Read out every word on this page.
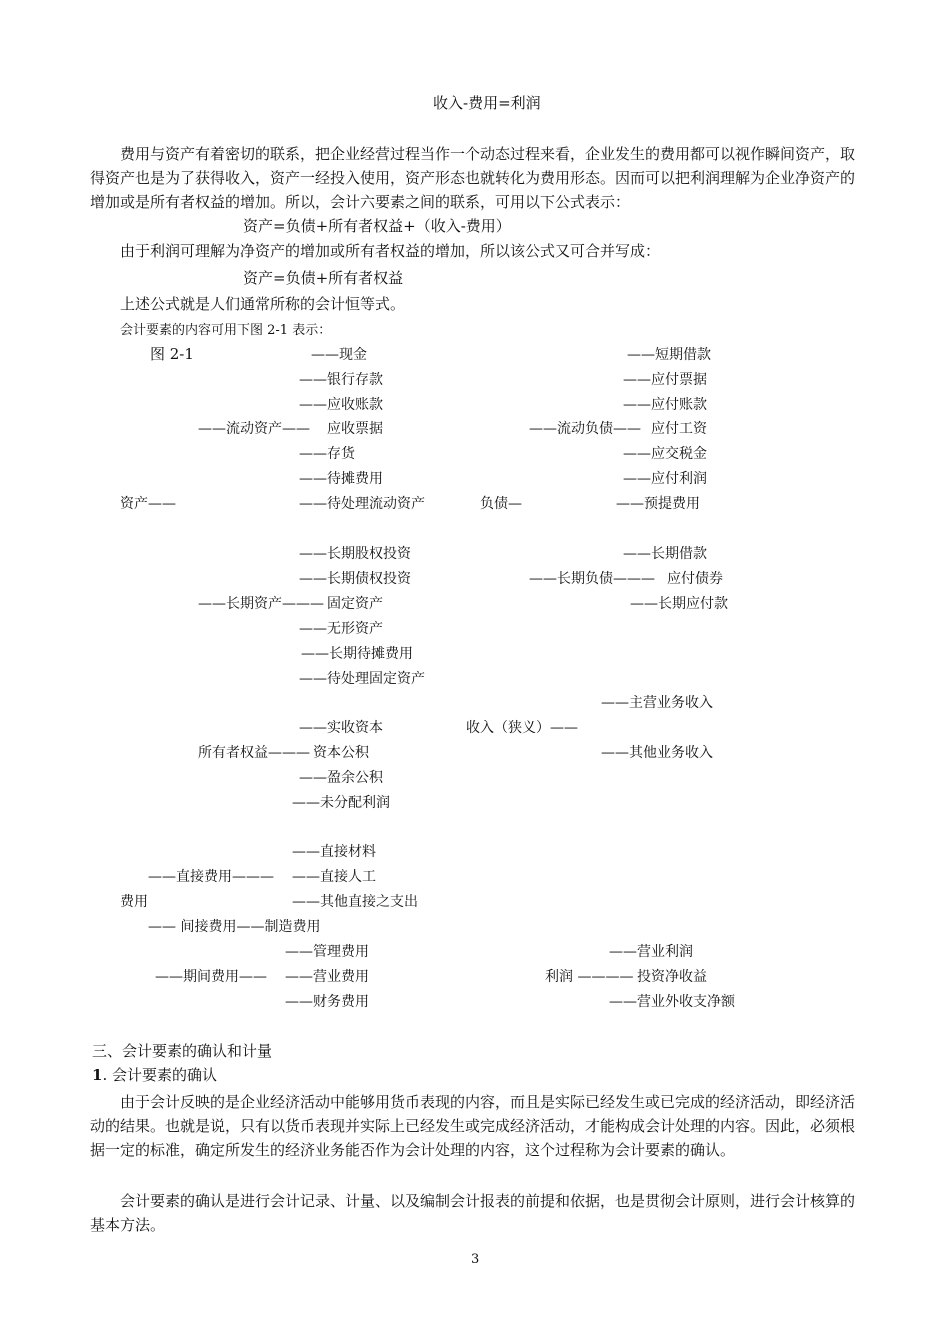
收入-费用=利润
费用与资产有着密切的联系，把企业经营过程当作一个动态过程来看，企业发生的费用都可以视作瞬间资产，取得资产也是为了获得收入，资产一经投入使用，资产形态也就转化为费用形态。因而可以把利润理解为企业净资产的增加或是所有者权益的增加。所以，会计六要素之间的联系，可用以下公式表示：
资产=负债+所有者权益+（收入-费用）
由于利润可理解为净资产的增加或所有者权益的增加，所以该公式又可合并写成：
资产=负债+所有者权益
上述公式就是人们通常所称的会计恒等式。
会计要素的内容可用下图 2-1 表示：
图 2-1
资产——
——流动资产——
——现金
——银行存款
——应收账款
应收票据
——存货
——待摊费用
——待处理流动资产
——长期资产———
——长期股权投资
——长期债权投资
固定资产
——无形资产
——长期待摊费用
——待处理固定资产
负债—
——流动负债——
——短期借款
——应付票据
——应付账款
应付工资
——应交税金
——应付利润
——预提费用
——长期负债———
——长期借款
应付债券
——长期应付款
所有者权益———
——实收资本
资本公积
——盈余公积
——未分配利润
收入（狭义）——
——主营业务收入
——其他业务收入
费用
——直接费用———
——直接材料
——直接人工
——其他直接之支出
—— 间接费用——制造费用
——期间费用——
——管理费用
——营业费用
——财务费用
利润 ————
——营业利润
投资净收益
——营业外收支净额
三、会计要素的确认和计量
1. 会计要素的确认
由于会计反映的是企业经济活动中能够用货币表现的内容，而且是实际已经发生或已完成的经济活动，即经济活动的结果。也就是说，只有以货币表现并实际上已经发生或完成经济活动，才能构成会计处理的内容。因此，必须根据一定的标准，确定所发生的经济业务能否作为会计处理的内容，这个过程称为会计要素的确认。
会计要素的确认是进行会计记录、计量、以及编制会计报表的前提和依据，也是贯彻会计原则，进行会计核算的基本方法。
3
